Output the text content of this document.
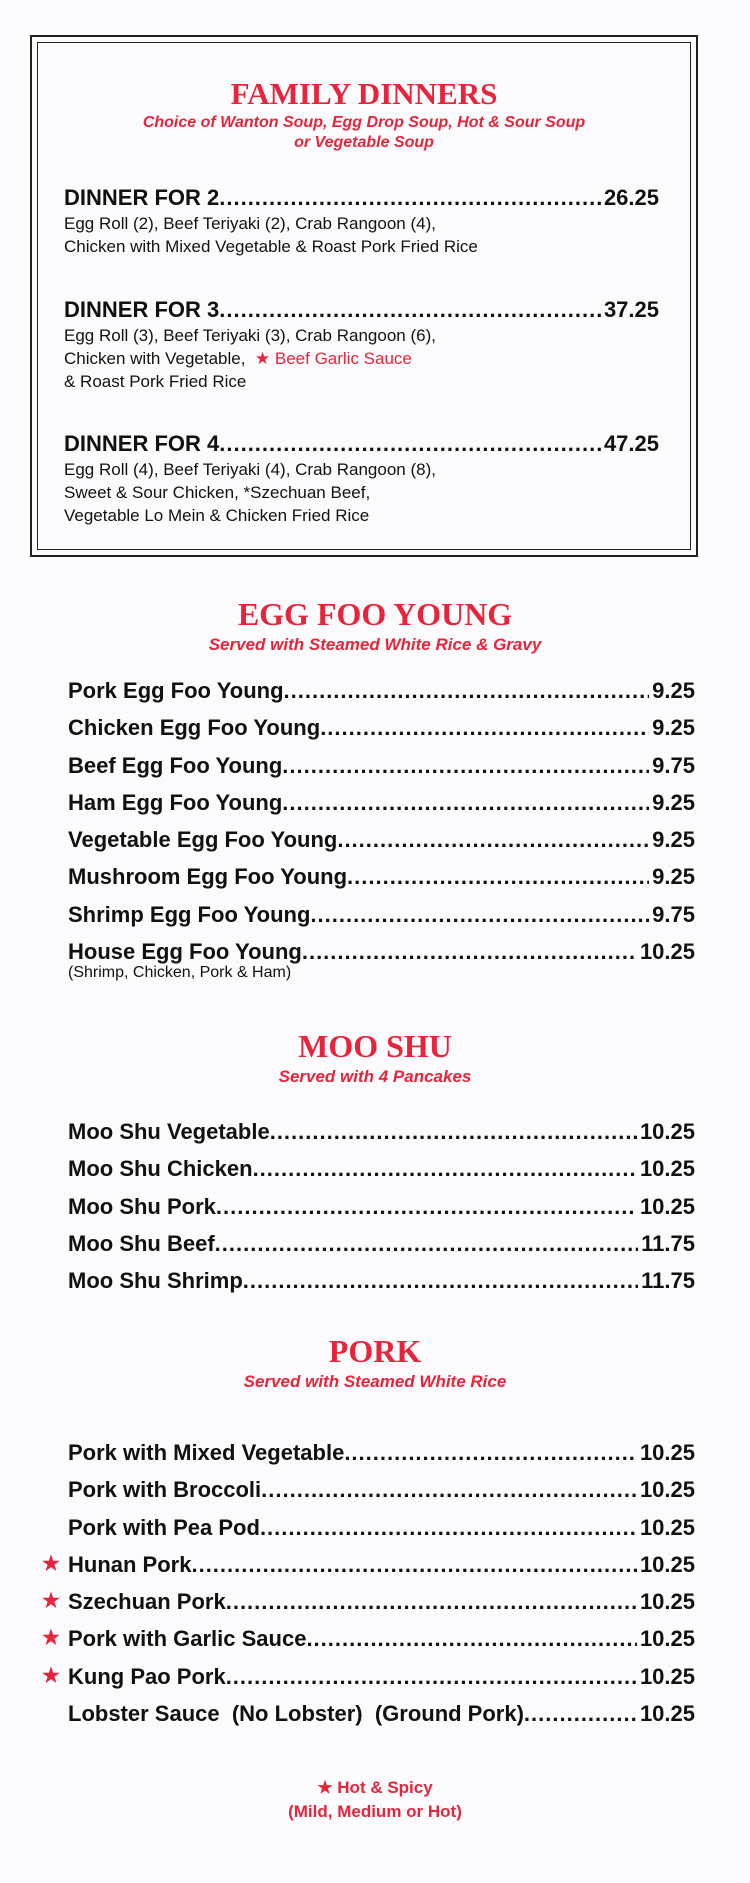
FAMILY DINNERS

Choice of Wanton Soup, Egg Drop Soup, Hot & Sour Soup

or Vegetable Soup

DINNER FOR 2 .....	26.25
Egg Roll (2), Beef Teriyaki (2), Crab Rangoon (4),
Chicken with Mixed Vegetable & Roast Pork Fried Rice
DINNER FOR 3 .....	37.25
Egg Roll (3), Beef Teriyaki (3), Crab Rangoon (6),
Chicken with Vegetable,  ★ Beef Garlic Sauce
& Roast Pork Fried Rice
DINNER FOR 4 .....	47.25
Egg Roll (4), Beef Teriyaki (4), Crab Rangoon (8),
Sweet & Sour Chicken, *Szechuan Beef,
Vegetable Lo Mein & Chicken Fried Rice
EGG FOO YOUNG

Served with Steamed White Rice & Gravy

Pork Egg Foo Young .....	9.25
Chicken Egg Foo Young .....	9.25
Beef Egg Foo Young .....	9.75
Ham Egg Foo Young .....	9.25
Vegetable Egg Foo Young .....	9.25
Mushroom Egg Foo Young .....	9.25
Shrimp Egg Foo Young .....	9.75
House Egg Foo Young .....	10.25
(Shrimp, Chicken, Pork & Ham)
MOO SHU

Served with 4 Pancakes

Moo Shu Vegetable .....	10.25
Moo Shu Chicken .....	10.25
Moo Shu Pork .....	10.25
Moo Shu Beef .....	11.75
Moo Shu Shrimp .....	11.75
PORK

Served with Steamed White Rice

Pork with Mixed Vegetable .....	10.25
Pork with Broccoli .....	10.25
Pork with Pea Pod .....	10.25
★ Hunan Pork .....	10.25
★ Szechuan Pork .....	10.25
★ Pork with Garlic Sauce .....	10.25
★ Kung Pao Pork .....	10.25
Lobster Sauce  (No Lobster)  (Ground Pork) .....	10.25
★ Hot & Spicy
(Mild, Medium or Hot)
